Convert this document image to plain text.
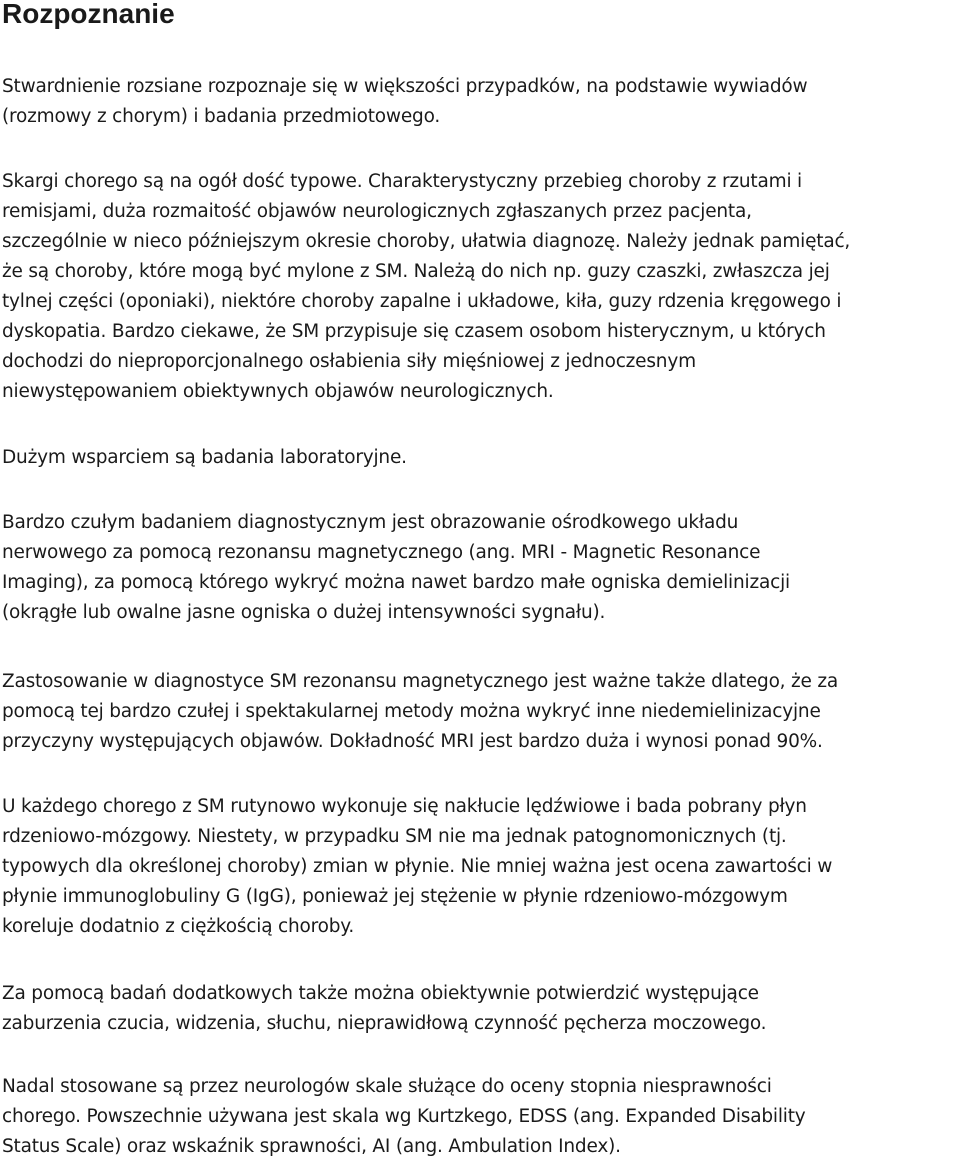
Rozpoznanie

Stwardnienie rozsiane rozpoznaje się w większości przypadków, na podstawie wywiadów
(rozmowy z chorym) i badania przedmiotowego.

Skargi chorego są na ogół dość typowe. Charakterystyczny przebieg choroby z rzutami i
remisjami, duża rozmaitość objawów neurologicznych zgłaszanych przez pacjenta,
szczególnie w nieco późniejszym okresie choroby, ułatwia diagnozę. Należy jednak pamiętać,
że są choroby, które mogą być mylone z SM. Należą do nich np. guzy czaszki, zwłaszcza jej
tylnej części (oponiaki), niektóre choroby zapalne i układowe, kiła, guzy rdzenia kręgowego i
dyskopatia. Bardzo ciekawe, że SM przypisuje się czasem osobom histerycznym, u których
dochodzi do nieproporcjonalnego osłabienia siły mięśniowej z jednoczesnym
niewystępowaniem obiektywnych objawów neurologicznych.

Dużym wsparciem są badania laboratoryjne.

Bardzo czułym badaniem diagnostycznym jest obrazowanie ośrodkowego układu
nerwowego za pomocą rezonansu magnetycznego (ang. MRI - Magnetic Resonance
Imaging), za pomocą którego wykryć można nawet bardzo małe ogniska demielinizacji
(okrągłe lub owalne jasne ogniska o dużej intensywności sygnału).

Zastosowanie w diagnostyce SM rezonansu magnetycznego jest ważne także dlatego, że za
pomocą tej bardzo czułej i spektakularnej metody można wykryć inne niedemielinizacyjne
przyczyny występujących objawów. Dokładność MRI jest bardzo duża i wynosi ponad 90%.

U każdego chorego z SM rutynowo wykonuje się nakłucie lędźwiowe i bada pobrany płyn
rdzeniowo-mózgowy. Niestety, w przypadku SM nie ma jednak patognomonicznych (tj.
typowych dla określonej choroby) zmian w płynie. Nie mniej ważna jest ocena zawartości w
płynie immunoglobuliny G (IgG), ponieważ jej stężenie w płynie rdzeniowo-mózgowym
koreluje dodatnio z ciężkością choroby.

Za pomocą badań dodatkowych także można obiektywnie potwierdzić występujące
zaburzenia czucia, widzenia, słuchu, nieprawidłową czynność pęcherza moczowego.

Nadal stosowane są przez neurologów skale służące do oceny stopnia niesprawności
chorego. Powszechnie używana jest skala wg Kurtzkego, EDSS (ang. Expanded Disability
Status Scale) oraz wskaźnik sprawności, AI (ang. Ambulation Index).
